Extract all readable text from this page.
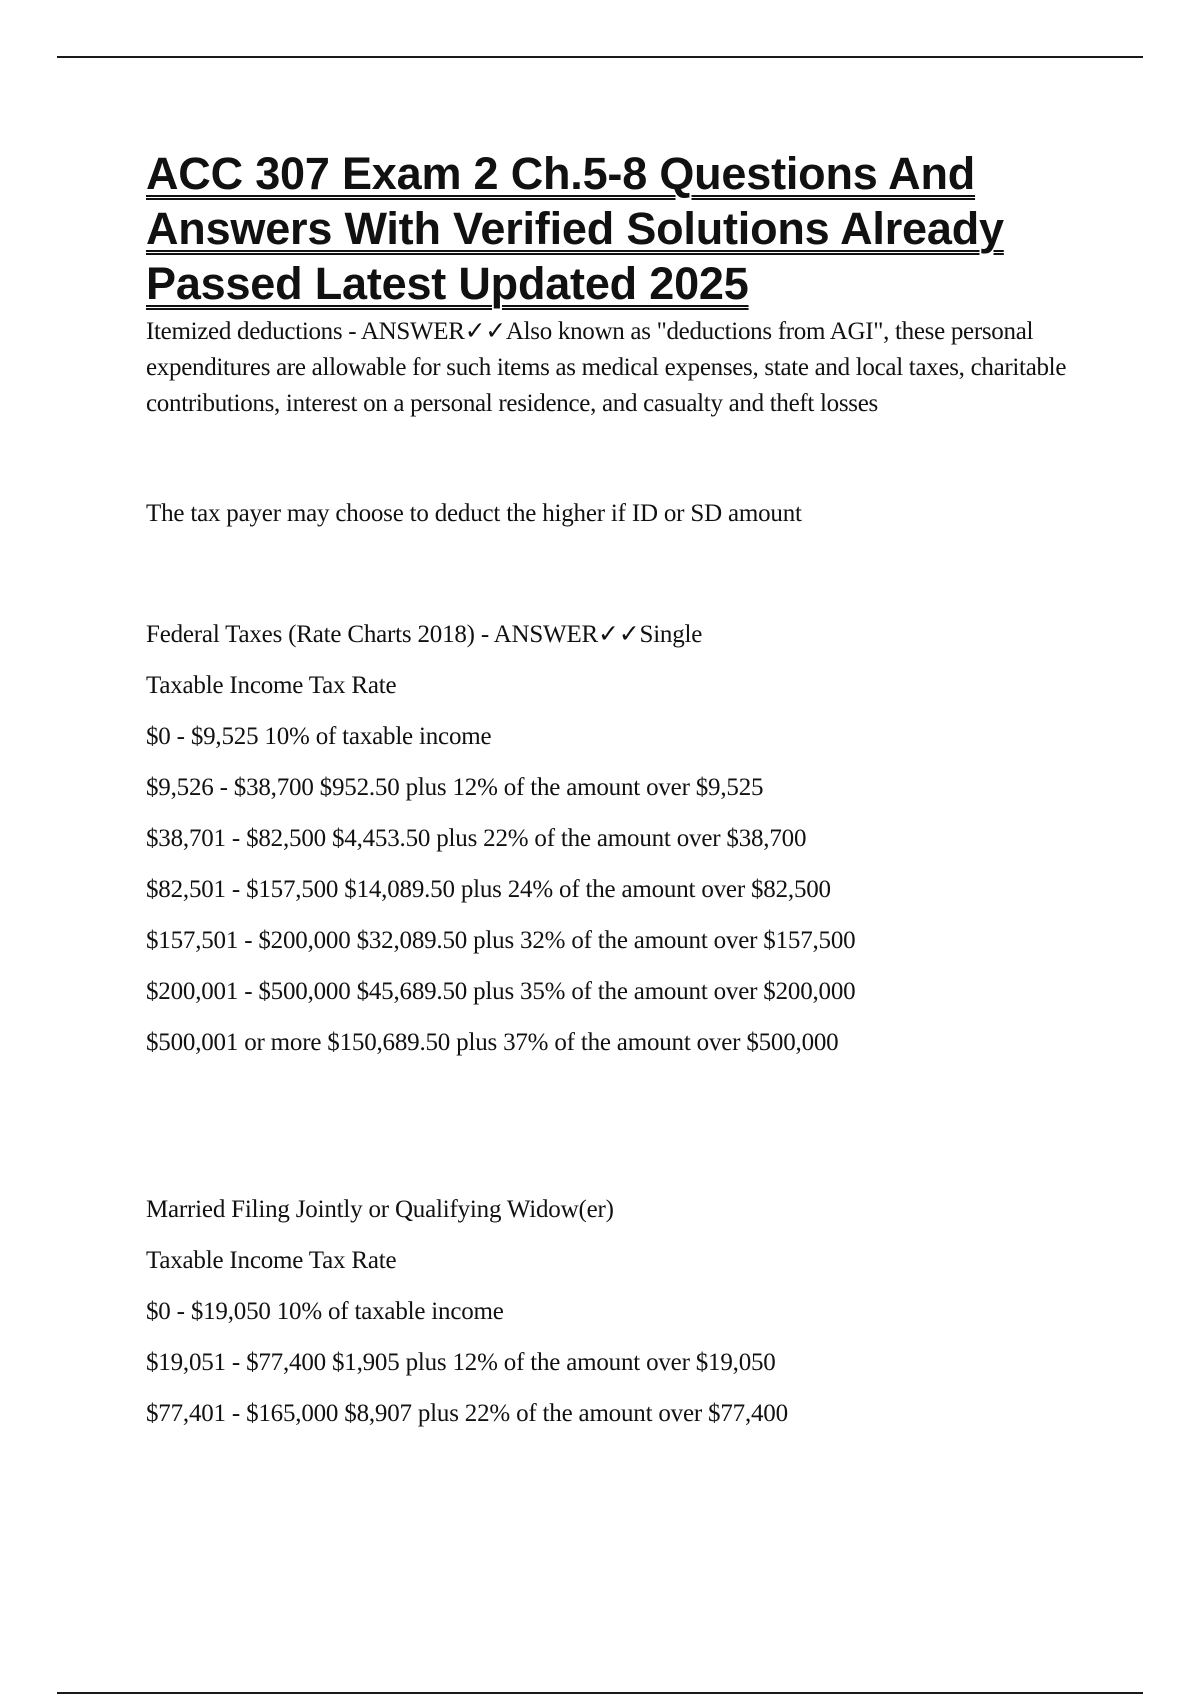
ACC 307 Exam 2 Ch.5-8 Questions And Answers With Verified Solutions Already Passed Latest Updated 2025

Itemized deductions - ANSWER✓✓Also known as "deductions from AGI", these personal expenditures are allowable for such items as medical expenses, state and local taxes, charitable contributions, interest on a personal residence, and casualty and theft losses

The tax payer may choose to deduct the higher if ID or SD amount
Federal Taxes (Rate Charts 2018) - ANSWER✓✓Single
Taxable Income Tax Rate
$0 - $9,525 10% of taxable income
$9,526 - $38,700 $952.50 plus 12% of the amount over $9,525
$38,701 - $82,500 $4,453.50 plus 22% of the amount over $38,700
$82,501 - $157,500 $14,089.50 plus 24% of the amount over $82,500
$157,501 - $200,000 $32,089.50 plus 32% of the amount over $157,500
$200,001 - $500,000 $45,689.50 plus 35% of the amount over $200,000
$500,001 or more $150,689.50 plus 37% of the amount over $500,000
Married Filing Jointly or Qualifying Widow(er)
Taxable Income Tax Rate
$0 - $19,050 10% of taxable income
$19,051 - $77,400 $1,905 plus 12% of the amount over $19,050
$77,401 - $165,000 $8,907 plus 22% of the amount over $77,400
